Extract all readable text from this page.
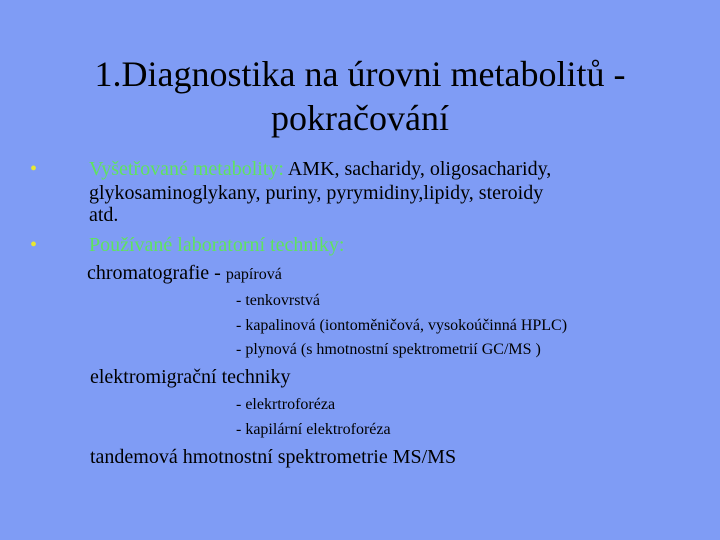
1.Diagnostika na úrovni metabolitů -
pokračování
•	Vyšetřované metabolity: AMK, sacharidy, oligosacharidy,
glykosaminoglykany, puriny, pyrymidiny,lipidy, steroidy
atd.
•	Používané laboratorní techniky:
chromatografie - papírová
- tenkovrstvá
- kapalinová (iontoměničová, vysokoúčinná HPLC)
- plynová (s hmotnostní spektrometrií GC/MS )
elektromigrační techniky
- elekrtroforéza
- kapilární elektroforéza
tandemová hmotnostní spektrometrie MS/MS
